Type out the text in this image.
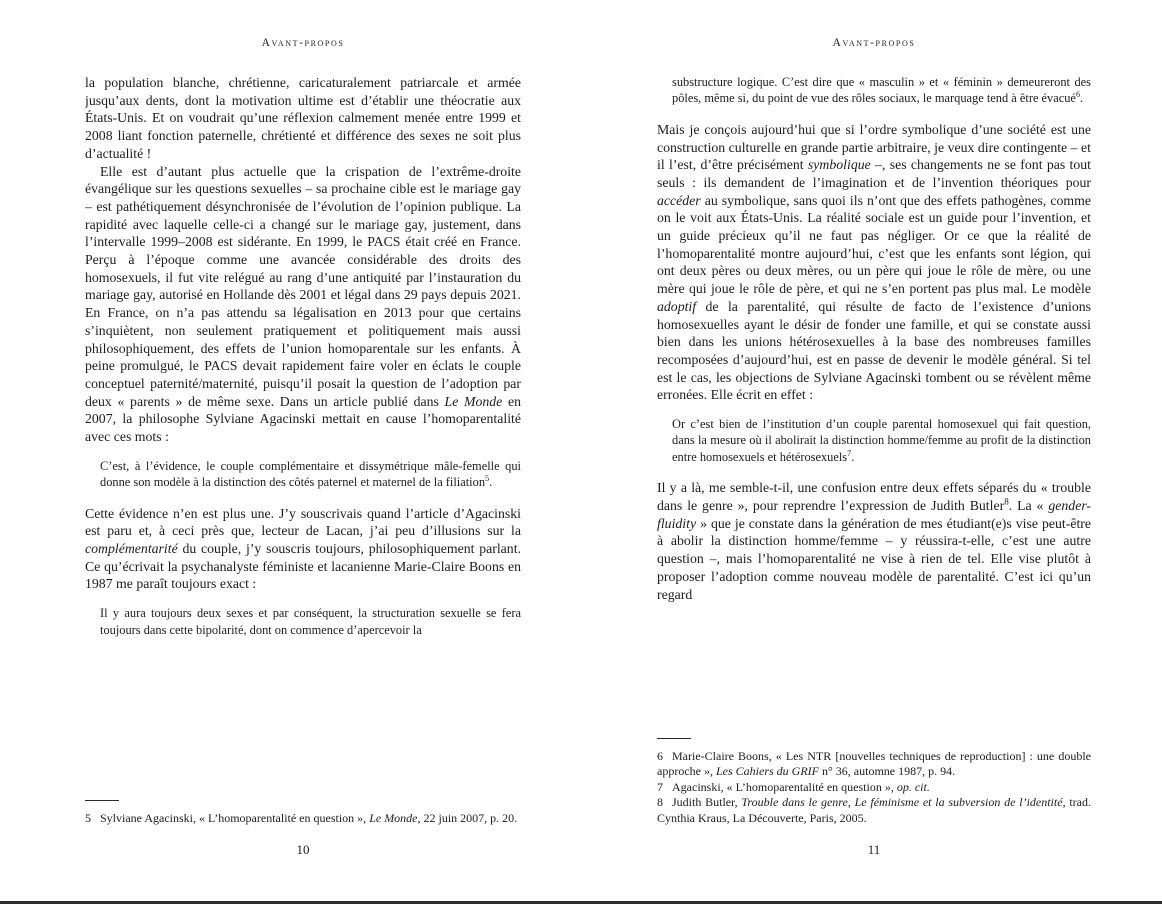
Avant-propos

la population blanche, chrétienne, caricaturalement patriarcale et armée jusqu’aux dents, dont la motivation ultime est d’établir une théocratie aux États-Unis. Et on voudrait qu’une réflexion calmement menée entre 1999 et 2008 liant fonction paternelle, chrétienté et différence des sexes ne soit plus d’actualité !

Elle est d’autant plus actuelle que la crispation de l’extrême-droite évangélique sur les questions sexuelles – sa prochaine cible est le mariage gay – est pathétiquement désynchronisée de l’évolution de l’opinion publique. La rapidité avec laquelle celle-ci a changé sur le mariage gay, justement, dans l’intervalle 1999–2008 est sidérante. En 1999, le PACS était créé en France. Perçu à l’époque comme une avancée considérable des droits des homosexuels, il fut vite relégué au rang d’une antiquité par l’instauration du mariage gay, autorisé en Hollande dès 2001 et légal dans 29 pays depuis 2021. En France, on n’a pas attendu sa légalisation en 2013 pour que certains s’inquiètent, non seulement pratiquement et politiquement mais aussi philosophiquement, des effets de l’union homoparentale sur les enfants. À peine promulgué, le PACS devait rapidement faire voler en éclats le couple conceptuel paternité/maternité, puisqu’il posait la question de l’adoption par deux « parents » de même sexe. Dans un article publié dans Le Monde en 2007, la philosophe Sylviane Agacinski mettait en cause l’homoparentalité avec ces mots :

C’est, à l’évidence, le couple complémentaire et dissymétrique mâle-femelle qui donne son modèle à la distinction des côtés paternel et maternel de la filiation$^5$.

Cette évidence n’en est plus une. J’y souscrivais quand l’article d’Agacinski est paru et, à ceci près que, lecteur de Lacan, j’ai peu d’illusions sur la complémentarité du couple, j’y souscris toujours, philosophiquement parlant. Ce qu’écrivait la psychanalyste féministe et lacanienne Marie-Claire Boons en 1987 me paraît toujours exact :

Il y aura toujours deux sexes et par conséquent, la structuration sexuelle se fera toujours dans cette bipolarité, dont on commence d’apercevoir la

5 Sylviane Agacinski, « L’homoparentalité en question », Le Monde, 22 juin 2007, p. 20.

10
Avant-propos
substructure logique. C’est dire que « masculin » et « féminin » demeureront des pôles, même si, du point de vue des rôles sociaux, le marquage tend à être évacué$^6$.

Mais je conçois aujourd’hui que si l’ordre symbolique d’une société est une construction culturelle en grande partie arbitraire, je veux dire contingente – et il l’est, d’être précisément symbolique –, ses changements ne se font pas tout seuls : ils demandent de l’imagination et de l’invention théoriques pour accéder au symbolique, sans quoi ils n’ont que des effets pathogènes, comme on le voit aux États-Unis. La réalité sociale est un guide pour l’invention, et un guide précieux qu’il ne faut pas négliger. Or ce que la réalité de l’homoparentalité montre aujourd’hui, c’est que les enfants sont légion, qui ont deux pères ou deux mères, ou un père qui joue le rôle de mère, ou une mère qui joue le rôle de père, et qui ne s’en portent pas plus mal. Le modèle adoptif de la parentalité, qui résulte de facto de l’existence d’unions homosexuelles ayant le désir de fonder une famille, et qui se constate aussi bien dans les unions hétérosexuelles à la base des nombreuses familles recomposées d’aujourd’hui, est en passe de devenir le modèle général. Si tel est le cas, les objections de Sylviane Agacinski tombent ou se révèlent même erronées. Elle écrit en effet :

Or c’est bien de l’institution d’un couple parental homosexuel qui fait question, dans la mesure où il abolirait la distinction homme/femme au profit de la distinction entre homosexuels et hétérosexuels$^7$.

Il y a là, me semble-t-il, une confusion entre deux effets séparés du « trouble dans le genre », pour reprendre l’expression de Judith Butler$^8$. La « gender-fluidity » que je constate dans la génération de mes étudiant(e)s vise peut-être à abolir la distinction homme/femme – y réussira-t-elle, c’est une autre question –, mais l’homoparentalité ne vise à rien de tel. Elle vise plutôt à proposer l’adoption comme nouveau modèle de parentalité. C’est ici qu’un regard

6 Marie-Claire Boons, « Les NTR [nouvelles techniques de reproduction] : une double approche », Les Cahiers du GRIF n° 36, automne 1987, p. 94.

7 Agacinski, « L’homoparentalité en question », op. cit.

8 Judith Butler, Trouble dans le genre, Le féminisme et la subversion de l’identité, trad. Cynthia Kraus, La Découverte, Paris, 2005.

11
